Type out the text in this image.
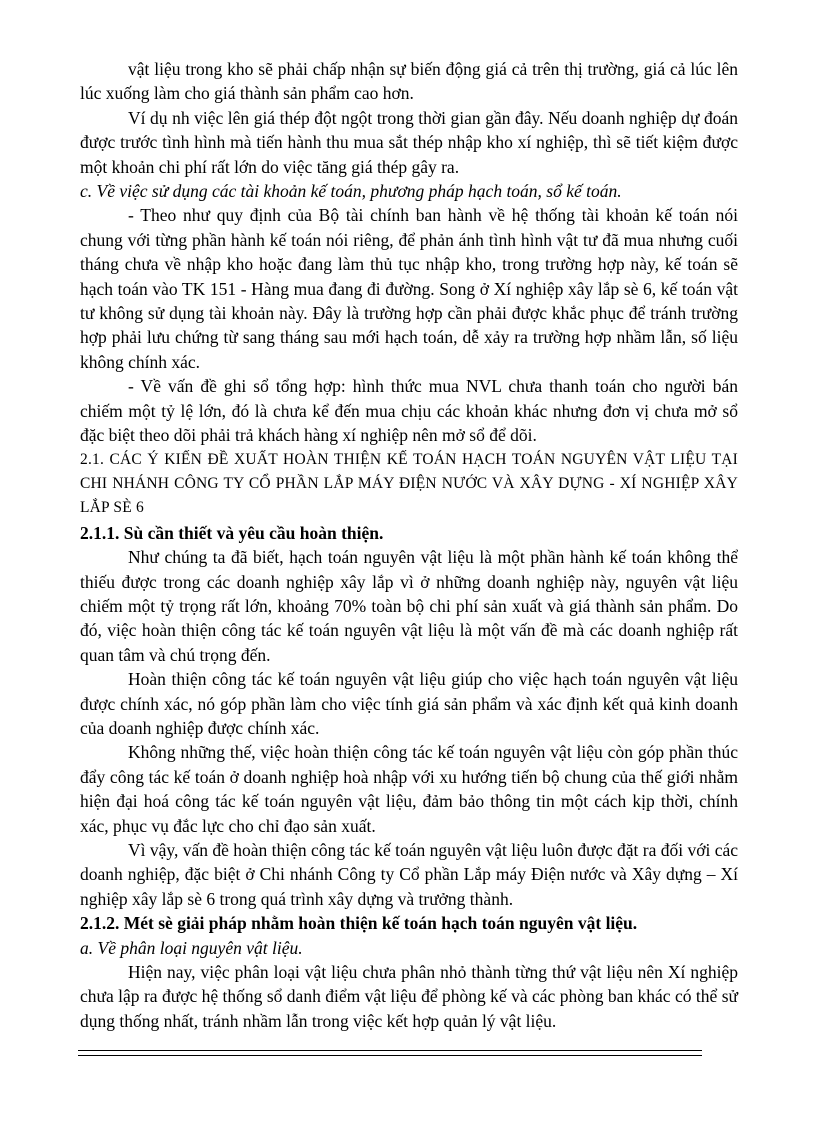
vật liệu trong kho sẽ phải chấp nhận sự biến động giá cả trên thị trường, giá cả lúc lên lúc xuống làm cho giá thành sản phẩm cao hơn.

Ví dụ nh việc lên giá thép đột ngột trong thời gian gần đây. Nếu doanh nghiệp dự đoán được trước tình hình mà tiến hành thu mua sắt thép nhập kho xí nghiệp, thì sẽ tiết kiệm được một khoản chi phí rất lớn do việc tăng giá thép gây ra.

c. Về việc sử dụng các tài khoản kế toán, phương pháp hạch toán, sổ kế toán.

- Theo như quy định của Bộ tài chính ban hành về hệ thống tài khoản kế toán nói chung với từng phần hành kế toán nói riêng, để phản ánh tình hình vật tư đã mua nhưng cuối tháng chưa về nhập kho hoặc đang làm thủ tục nhập kho, trong trường hợp này, kế toán sẽ hạch toán vào TK 151 - Hàng mua đang đi đường. Song ở Xí nghiệp xây lắp sè 6, kế toán vật tư không sử dụng tài khoản này. Đây là trường hợp cần phải được khắc phục để tránh trường hợp phải lưu chứng từ sang tháng sau mới hạch toán, dễ xảy ra trường hợp nhầm lẫn, số liệu không chính xác.

- Về vấn đề ghi sổ tổng hợp: hình thức mua NVL chưa thanh toán cho người bán chiếm một tỷ lệ lớn, đó là chưa kể đến mua chịu các khoản khác nhưng đơn vị chưa mở sổ đặc biệt theo dõi phải trả khách hàng xí nghiệp nên mở sổ để dõi.

2.1. CÁC Ý KIẾN ĐỀ XUẤT HOÀN THIỆN KẾ TOÁN HẠCH TOÁN NGUYÊN VẬT LIỆU TẠI CHI NHÁNH CÔNG TY CỔ PHẦN LẮP MÁY ĐIỆN NƯỚC VÀ XÂY DỰNG - XÍ NGHIỆP XÂY LẮP SÈ 6

2.1.1. Sù cần thiết và yêu cầu hoàn thiện.

Như chúng ta đã biết, hạch toán nguyên vật liệu là một phần hành kế toán không thể thiếu được trong các doanh nghiệp xây lắp vì ở những doanh nghiệp này, nguyên vật liệu chiếm một tỷ trọng rất lớn, khoảng 70% toàn bộ chi phí sản xuất và giá thành sản phẩm. Do đó, việc hoàn thiện công tác kế toán nguyên vật liệu là một vấn đề mà các doanh nghiệp rất quan tâm và chú trọng đến.

Hoàn thiện công tác kế toán nguyên vật liệu giúp cho việc hạch toán nguyên vật liệu được chính xác, nó góp phần làm cho việc tính giá sản phẩm và xác định kết quả kinh doanh của doanh nghiệp được chính xác.

Không những thế, việc hoàn thiện công tác kế toán nguyên vật liệu còn góp phần thúc đẩy công tác kế toán ở doanh nghiệp hoà nhập với xu hướng tiến bộ chung của thế giới nhằm hiện đại hoá công tác kế toán nguyên vật liệu, đảm bảo thông tin một cách kịp thời, chính xác, phục vụ đắc lực cho chỉ đạo sản xuất.

Vì vậy, vấn đề hoàn thiện công tác kế toán nguyên vật liệu luôn được đặt ra đối với các doanh nghiệp, đặc biệt ở Chi nhánh Công ty Cổ phần Lắp máy Điện nước và Xây dựng – Xí nghiệp xây lắp sè 6 trong quá trình xây dựng và trưởng thành.

2.1.2. Mét sè giải pháp nhằm hoàn thiện kế toán hạch toán nguyên vật liệu.

a. Về phân loại nguyên vật liệu.

Hiện nay, việc phân loại vật liệu chưa phân nhỏ thành từng thứ vật liệu nên Xí nghiệp chưa lập ra được hệ thống sổ danh điểm vật liệu để phòng kế và các phòng ban khác có thể sử dụng thống nhất, tránh nhầm lẫn trong việc kết hợp quản lý vật liệu.
